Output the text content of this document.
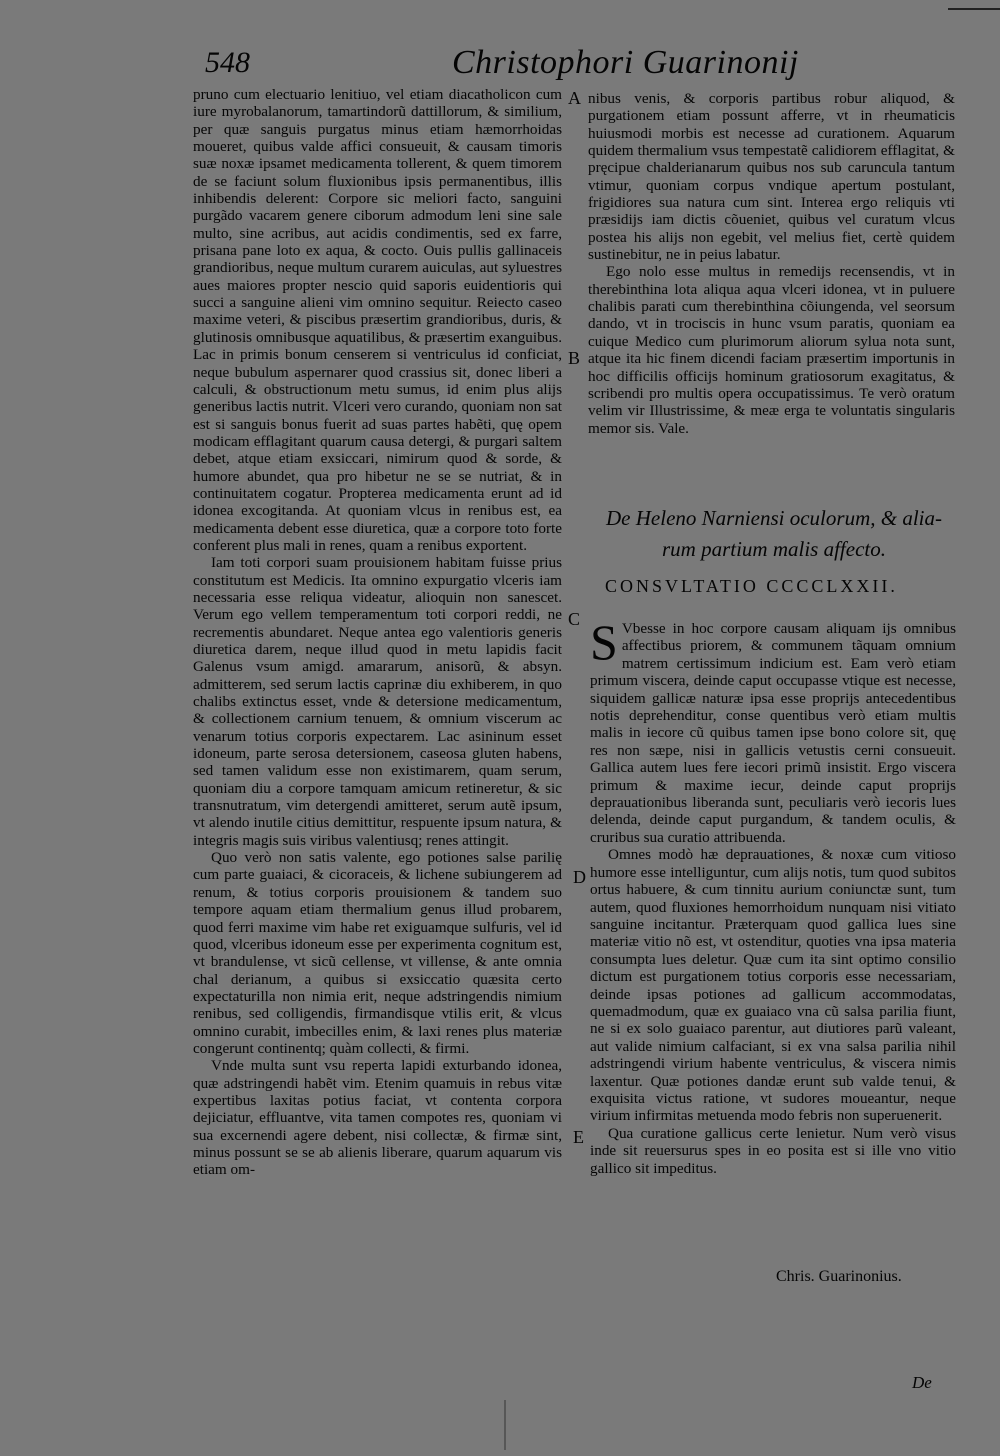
548	Christophori Guarinonij

pruno cum electuario lenitiuo, vel etiam diacatholicon cum iure myrobalanorum, tamartindorũ dattillorum, & similium, per quæ sanguis purgatus minus etiam hæmorrhoidas moueret, quibus valde affici consueuit, & causam timoris suæ noxæ ipsamet medicamenta tollerent, & quem timorem de se faciunt solum fluxionibus ipsis permanentibus, illis inhibendis delerent: Corpore sic meliori facto, sanguini purgãdo vacarem genere ciborum admodum leni sine sale multo, sine acribus, aut acidis condimentis, sed ex farre, prisana pane loto ex aqua, & cocto. Ouis pullis gallinaceis grandioribus, neque multum curarem auiculas, aut syluestres aues maiores propter nescio quid saporis euidentioris qui succi a sanguine alieni vim omnino sequitur. Reiecto caseo maxime veteri, & piscibus præsertim grandioribus, duris, & glutinosis omnibusque aquatilibus, & præsertim exanguibus. Lac in primis bonum censerem si ventriculus id conficiat, neque bubulum aspernarer quod crassius sit, donec liberi a calculi, & obstructionum metu sumus, id enim plus alijs generibus lactis nutrit. Vlceri vero curando, quoniam non sat est si sanguis bonus fuerit ad suas partes habẽti, quę opem modicam efflagitant quarum causa detergi, & purgari saltem debet, atque etiam exsiccari, nimirum quod & sorde, & humore abundet, qua pro hibetur ne se se nutriat, & in continuitatem cogatur. Propterea medicamenta erunt ad id idonea excogitanda. At quoniam vlcus in renibus est, ea medicamenta debent esse diuretica, quæ a corpore toto forte conferent plus mali in renes, quam a renibus exportent.

Iam toti corpori suam prouisionem habitam fuisse prius constitutum est Medicis. Ita omnino expurgatio vlceris iam necessaria esse reliqua videatur, alioquin non sanescet. Verum ego vellem temperamentum toti corpori reddi, ne recrementis abundaret. Neque antea ego valentioris generis diuretica darem, neque illud quod in metu lapidis facit Galenus vsum amigd. amararum, anisorũ, & absyn. admitterem, sed serum lactis caprinæ diu exhiberem, in quo chalibs extinctus esset, vnde & detersione medicamentum, & collectionem carnium tenuem, & omnium viscerum ac venarum totius corporis expectarem. Lac asininum esset idoneum, parte serosa detersionem, caseosa gluten habens, sed tamen validum esse non existimarem, quam serum, quoniam diu a corpore tamquam amicum retineretur, & sic transnutratum, vim detergendi amitteret, serum autẽ ipsum, vt alendo inutile citius demittitur, respuente ipsum natura, & integris magis suis viribus valentiusq; renes attingit.

Quo verò non satis valente, ego potiones salse parilię cum parte guaiaci, & cicoraceis, & lichene subiungerem ad renum, & totius corporis prouisionem & tandem suo tempore aquam etiam thermalium genus illud probarem, quod ferri maxime vim habe ret exiguamque sulfuris, vel id quod, vlceribus idoneum esse per experimenta cognitum est, vt brandulense, vt sicũ cellense, vt villense, & ante omnia chal derianum, a quibus si exsiccatio quæsita certo expectaturilla non nimia erit, neque adstringendis nimium renibus, sed colligendis, firmandisque vtilis erit, & vlcus omnino curabit, imbecilles enim, & laxi renes plus materiæ congerunt continentq; quàm collecti, & firmi.

Vnde multa sunt vsu reperta lapidi exturbando idonea, quæ adstringendi habẽt vim. Etenim quamuis in rebus vitæ expertibus laxitas potius faciat, vt contenta corpora dejiciatur, effluantve, vita tamen compotes res, quoniam vi sua excernendi agere debent, nisi collectæ, & firmæ sint, minus possunt se se ab alienis liberare, quarum aquarum vis etiam om-

A
B
C
D
E

nibus venis, & corporis partibus robur aliquod, & purgationem etiam possunt afferre, vt in rheumaticis huiusmodi morbis est necesse ad curationem. Aquarum quidem thermalium vsus tempestatẽ calidiorem efflagitat, & pręcipue chalderianarum quibus nos sub caruncula tantum vtimur, quoniam corpus vndique apertum postulant, frigidiores sua natura cum sint. Interea ergo reliquis vti præsidijs iam dictis cõueniet, quibus vel curatum vlcus postea his alijs non egebit, vel melius fiet, certè quidem sustinebitur, ne in peius labatur.

Ego nolo esse multus in remedijs recensendis, vt in therebinthina lota aliqua aqua vlceri idonea, vt in puluere chalibis parati cum therebinthina cõiungenda, vel seorsum dando, vt in trociscis in hunc vsum paratis, quoniam ea cuique Medico cum plurimorum aliorum sylua nota sunt, atque ita hic finem dicendi faciam præsertim importunis in hoc difficilis officijs hominum gratiosorum exagitatus, & scribendi pro multis opera occupatissimus. Te verò oratum velim vir Illustrissime, & meæ erga te voluntatis singularis memor sis. Vale.

De Heleno Narniensi oculorum, & alia-
rum partium malis affecto.
CONSVLTATIO CCCCLXXII.

S Vbesse in hoc corpore causam aliquam ijs omnibus affectibus priorem, & communem tãquam omnium matrem certissimum indicium est. Eam verò etiam primum viscera, deinde caput occupasse vtique est necesse, siquidem gallicæ naturæ ipsa esse proprijs antecedentibus notis deprehenditur, conse quentibus verò etiam multis malis in iecore cũ quibus tamen ipse bono colore sit, quę res non sæpe, nisi in gallicis vetustis cerni consueuit. Gallica autem lues fere iecori primũ insistit. Ergo viscera primum & maxime iecur, deinde caput proprijs deprauationibus liberanda sunt, peculiaris verò iecoris lues delenda, deinde caput purgandum, & tandem oculis, & cruribus sua curatio attribuenda.

Omnes modò hæ deprauationes, & noxæ cum vitioso humore esse intelliguntur, cum alijs notis, tum quod subitos ortus habuere, & cum tinnitu aurium coniunctæ sunt, tum autem, quod fluxiones hemorrhoidum nunquam nisi vitiato sanguine incitantur. Præterquam quod gallica lues sine materiæ vitio nõ est, vt ostenditur, quoties vna ipsa materia consumpta lues deletur. Quæ cum ita sint optimo consilio dictum est purgationem totius corporis esse necessariam, deinde ipsas potiones ad gallicum accommodatas, quemadmodum, quæ ex guaiaco vna cũ salsa parilia fiunt, ne si ex solo guaiaco parentur, aut diutiores parũ valeant, aut valide nimium calfaciant, si ex vna salsa parilia nihil adstringendi virium habente ventriculus, & viscera nimis laxentur. Quæ potiones dandæ erunt sub valde tenui, & exquisita victus ratione, vt sudores moueantur, neque virium infirmitas metuenda modo febris non superuenerit.

Qua curatione gallicus certe lenietur. Num verò visus inde sit reuersurus spes in eo posita est si ille vno vitio gallico sit impeditus.

Chris. Guarinonius.
De
